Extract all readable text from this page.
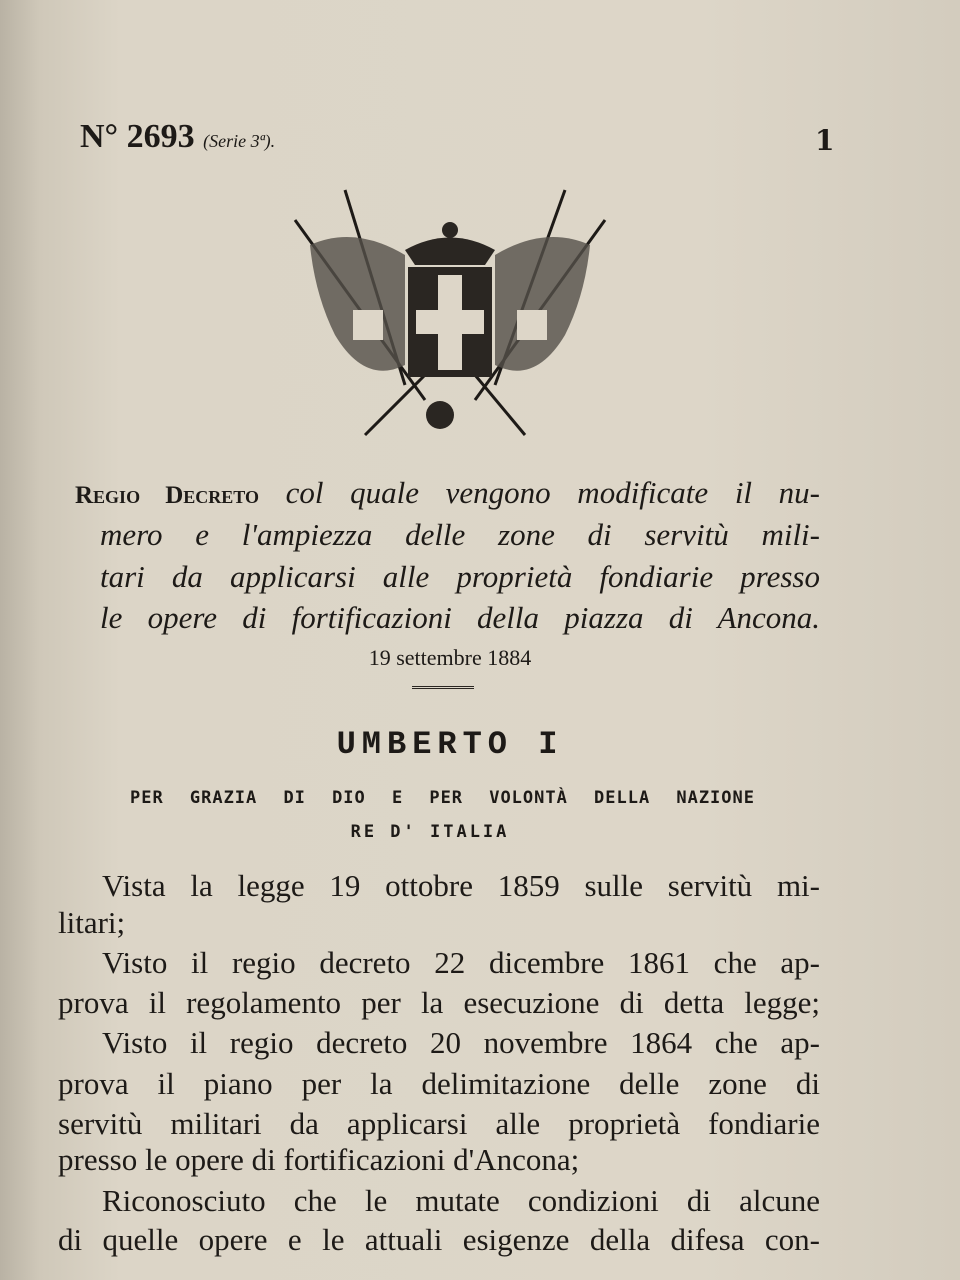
N° 2693 (Serie 3ª).	1
Regio Decreto col quale vengono modificate il nu-
mero e l'ampiezza delle zone di servitù mili-
tari da applicarsi alle proprietà fondiarie presso
le opere di fortificazioni della piazza di Ancona.
19 settembre 1884
UMBERTO I
PER GRAZIA DI DIO E PER VOLONTÀ DELLA NAZIONE
RE D' ITALIA
Vista la legge 19 ottobre 1859 sulle servitù mi-
litari;
Visto il regio decreto 22 dicembre 1861 che ap-
prova il regolamento per la esecuzione di detta legge;
Visto il regio decreto 20 novembre 1864 che ap-
prova il piano per la delimitazione delle zone di
servitù militari da applicarsi alle proprietà fondiarie
presso le opere di fortificazioni d'Ancona;
Riconosciuto che le mutate condizioni di alcune
di quelle opere e le attuali esigenze della difesa con-
